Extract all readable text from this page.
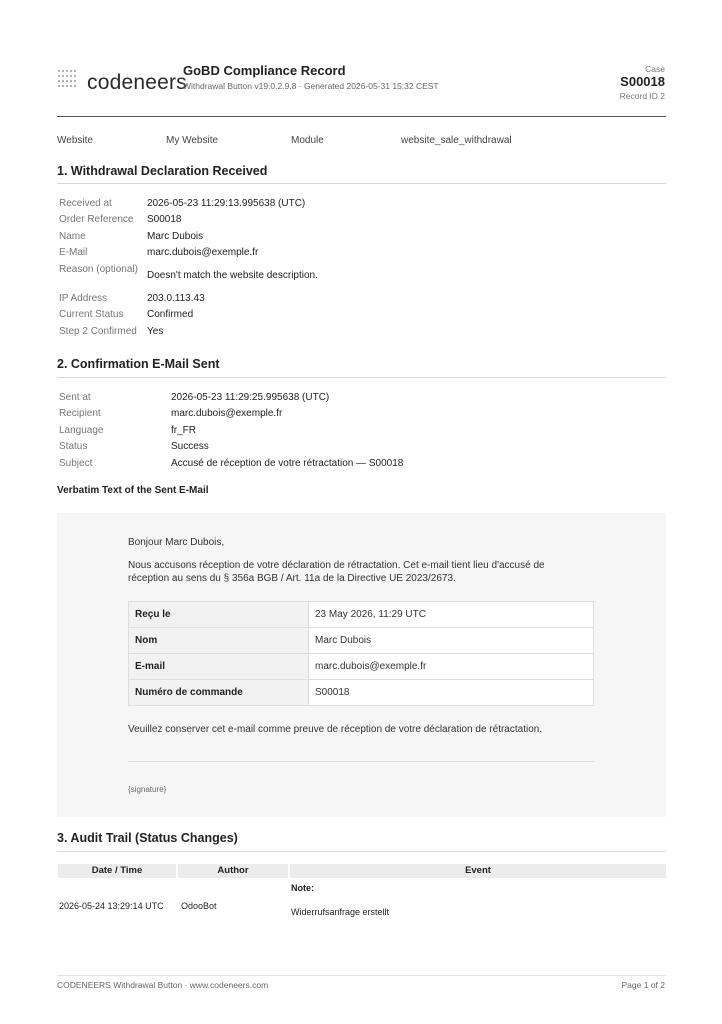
codeneers
GoBD Compliance Record
Withdrawal Button v19.0.2.9.8 · Generated 2026-05-31 15:32 CEST
Case
S00018
Record ID 2
Website	My Website	Module	website_sale_withdrawal
1. Withdrawal Declaration Received
Received at	2026-05-23 11:29:13.995638 (UTC)
Order Reference S00018
Name	Marc Dubois
E-Mail	marc.dubois@exemple.fr
Reason (optional)
Doesn't match the website description.
IP Address	203.0.113.43
Current Status Confirmed
Step 2 Confirmed Yes
2. Confirmation E-Mail Sent
Sent at	2026-05-23 11:29:25.995638 (UTC)
Recipient	marc.dubois@exemple.fr
Language	fr_FR
Status	Success
Subject	Accusé de réception de votre rétractation — S00018
Verbatim Text of the Sent E-Mail
Bonjour Marc Dubois,
Nous accusons réception de votre déclaration de rétractation. Cet e-mail tient lieu d'accusé de
réception au sens du § 356a BGB / Art. 11a de la Directive UE 2023/2673.
Reçu le	23 May 2026, 11:29 UTC
Nom	Marc Dubois
E-mail	marc.dubois@exemple.fr
Numéro de commande	S00018
Veuillez conserver cet e-mail comme preuve de réception de votre déclaration de rétractation.
{signature}
3. Audit Trail (Status Changes)
Date / Time	Author	Event
2026-05-24 13:29:14 UTC OdooBot
Note:
Widerrufsanfrage erstellt
CODENEERS Withdrawal Button · www.codeneers.com	Page 1 of 2
